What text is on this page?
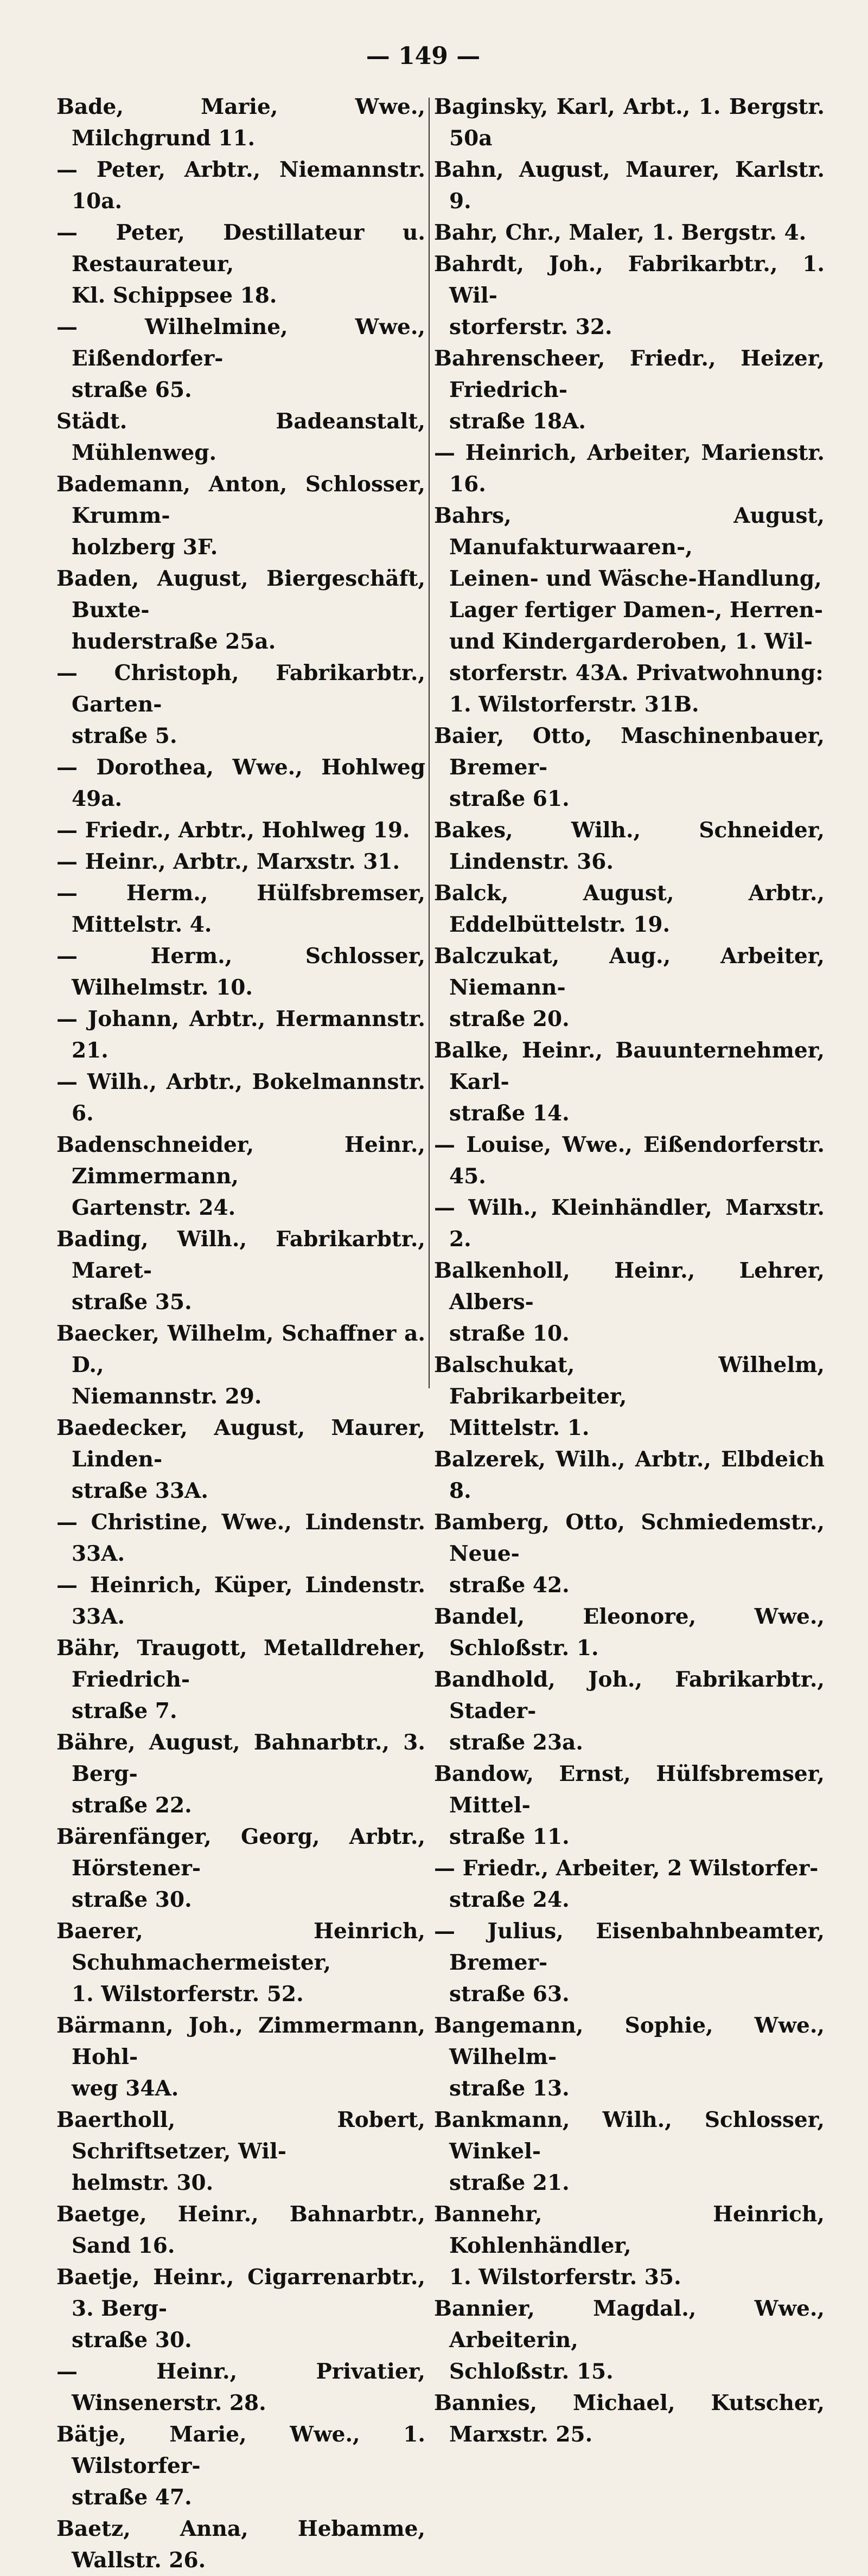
— 149 —
Bade, Marie, Wwe., Milchgrund 11.
— Peter, Arbtr., Niemannstr. 10a.
— Peter, Destillateur u. Restaurateur,
Kl. Schippsee 18.
— Wilhelmine, Wwe., Eißendorfer-
straße 65.
Städt. Badeanstalt, Mühlenweg.
Bademann, Anton, Schlosser, Krumm-
holzberg 3F.
Baden, August, Biergeschäft, Buxte-
huderstraße 25a.
— Christoph, Fabrikarbtr., Garten-
straße 5.
— Dorothea, Wwe., Hohlweg 49a.
— Friedr., Arbtr., Hohlweg 19.
— Heinr., Arbtr., Marxstr. 31.
— Herm., Hülfsbremser, Mittelstr. 4.
— Herm., Schlosser, Wilhelmstr. 10.
— Johann, Arbtr., Hermannstr. 21.
— Wilh., Arbtr., Bokelmannstr. 6.
Badenschneider, Heinr., Zimmermann,
Gartenstr. 24.
Bading, Wilh., Fabrikarbtr., Maret-
straße 35.
Baecker, Wilhelm, Schaffner a. D.,
Niemannstr. 29.
Baedecker, August, Maurer, Linden-
straße 33A.
— Christine, Wwe., Lindenstr. 33A.
— Heinrich, Küper, Lindenstr. 33A.
Bähr, Traugott, Metalldreher, Friedrich-
straße 7.
Bähre, August, Bahnarbtr., 3. Berg-
straße 22.
Bärenfänger, Georg, Arbtr., Hörstener-
straße 30.
Baerer, Heinrich, Schuhmachermeister,
1. Wilstorferstr. 52.
Bärmann, Joh., Zimmermann, Hohl-
weg 34A.
Baertholl, Robert, Schriftsetzer, Wil-
helmstr. 30.
Baetge, Heinr., Bahnarbtr., Sand 16.
Baetje, Heinr., Cigarrenarbtr., 3. Berg-
straße 30.
— Heinr., Privatier, Winsenerstr. 28.
Bätje, Marie, Wwe., 1. Wilstorfer-
straße 47.
Baetz, Anna, Hebamme, Wallstr. 26.
Baginsky, Karl, Arbt., 1. Bergstr. 50a
Bahn, August, Maurer, Karlstr. 9.
Bahr, Chr., Maler, 1. Bergstr. 4.
Bahrdt, Joh., Fabrikarbtr., 1. Wil-
storferstr. 32.
Bahrenscheer, Friedr., Heizer, Friedrich-
straße 18A.
— Heinrich, Arbeiter, Marienstr. 16.
Bahrs, August, Manufakturwaaren-,
Leinen- und Wäsche-Handlung,
Lager fertiger Damen-, Herren-
und Kindergarderoben, 1. Wil-
storferstr. 43A. Privatwohnung:
1. Wilstorferstr. 31B.
Baier, Otto, Maschinenbauer, Bremer-
straße 61.
Bakes, Wilh., Schneider, Lindenstr. 36.
Balck, August, Arbtr., Eddelbüttelstr. 19.
Balczukat, Aug., Arbeiter, Niemann-
straße 20.
Balke, Heinr., Bauunternehmer, Karl-
straße 14.
— Louise, Wwe., Eißendorferstr. 45.
— Wilh., Kleinhändler, Marxstr. 2.
Balkenholl, Heinr., Lehrer, Albers-
straße 10.
Balschukat, Wilhelm, Fabrikarbeiter,
Mittelstr. 1.
Balzerek, Wilh., Arbtr., Elbdeich 8.
Bamberg, Otto, Schmiedemstr., Neue-
straße 42.
Bandel, Eleonore, Wwe., Schloßstr. 1.
Bandhold, Joh., Fabrikarbtr., Stader-
straße 23a.
Bandow, Ernst, Hülfsbremser, Mittel-
straße 11.
— Friedr., Arbeiter, 2 Wilstorfer-
straße 24.
— Julius, Eisenbahnbeamter, Bremer-
straße 63.
Bangemann, Sophie, Wwe., Wilhelm-
straße 13.
Bankmann, Wilh., Schlosser, Winkel-
straße 21.
Bannehr, Heinrich, Kohlenhändler,
1. Wilstorferstr. 35.
Bannier, Magdal., Wwe., Arbeiterin,
Schloßstr. 15.
Bannies, Michael, Kutscher, Marxstr. 25.
